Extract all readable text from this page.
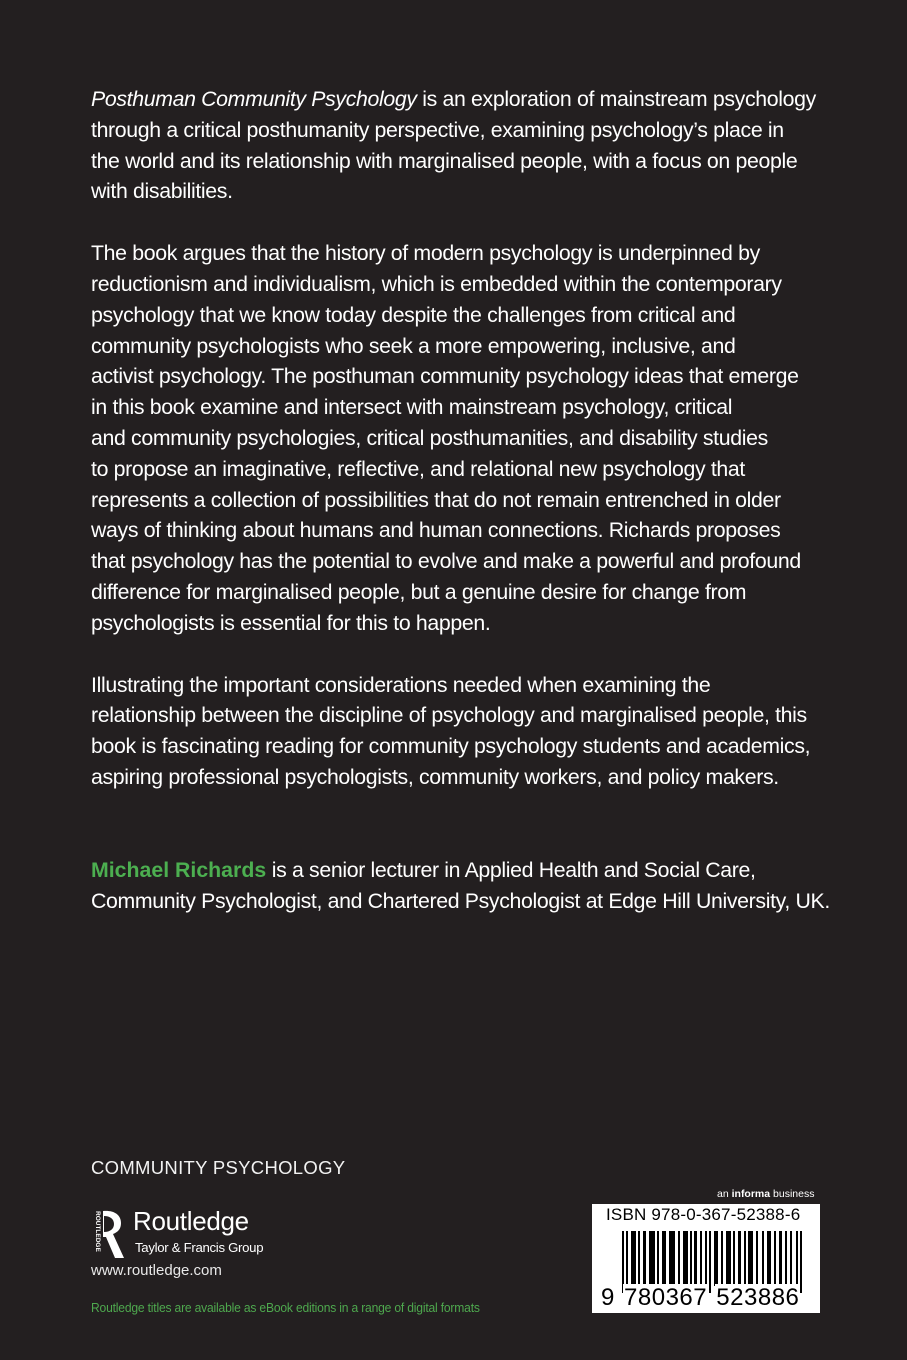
Posthuman Community Psychology is an exploration of mainstream psychology
through a critical posthumanity perspective, examining psychology’s place in
the world and its relationship with marginalised people, with a focus on people
with disabilities.

The book argues that the history of modern psychology is underpinned by
reductionism and individualism, which is embedded within the contemporary
psychology that we know today despite the challenges from critical and
community psychologists who seek a more empowering, inclusive, and
activist psychology. The posthuman community psychology ideas that emerge
in this book examine and intersect with mainstream psychology, critical
and community psychologies, critical posthumanities, and disability studies
to propose an imaginative, reflective, and relational new psychology that
represents a collection of possibilities that do not remain entrenched in older
ways of thinking about humans and human connections. Richards proposes
that psychology has the potential to evolve and make a powerful and profound
difference for marginalised people, but a genuine desire for change from
psychologists is essential for this to happen.

Illustrating the important considerations needed when examining the
relationship between the discipline of psychology and marginalised people, this
book is fascinating reading for community psychology students and academics,
aspiring professional psychologists, community workers, and policy makers.

Michael Richards is a senior lecturer in Applied Health and Social Care,
Community Psychologist, and Chartered Psychologist at Edge Hill University, UK.
COMMUNITY PSYCHOLOGY
ROUTLEDGE Routledge
Taylor & Francis Group
www.routledge.com
Routledge titles are available as eBook editions in a range of digital formats
an informa business
ISBN 978-0-367-52388-6
9 780367 523886
